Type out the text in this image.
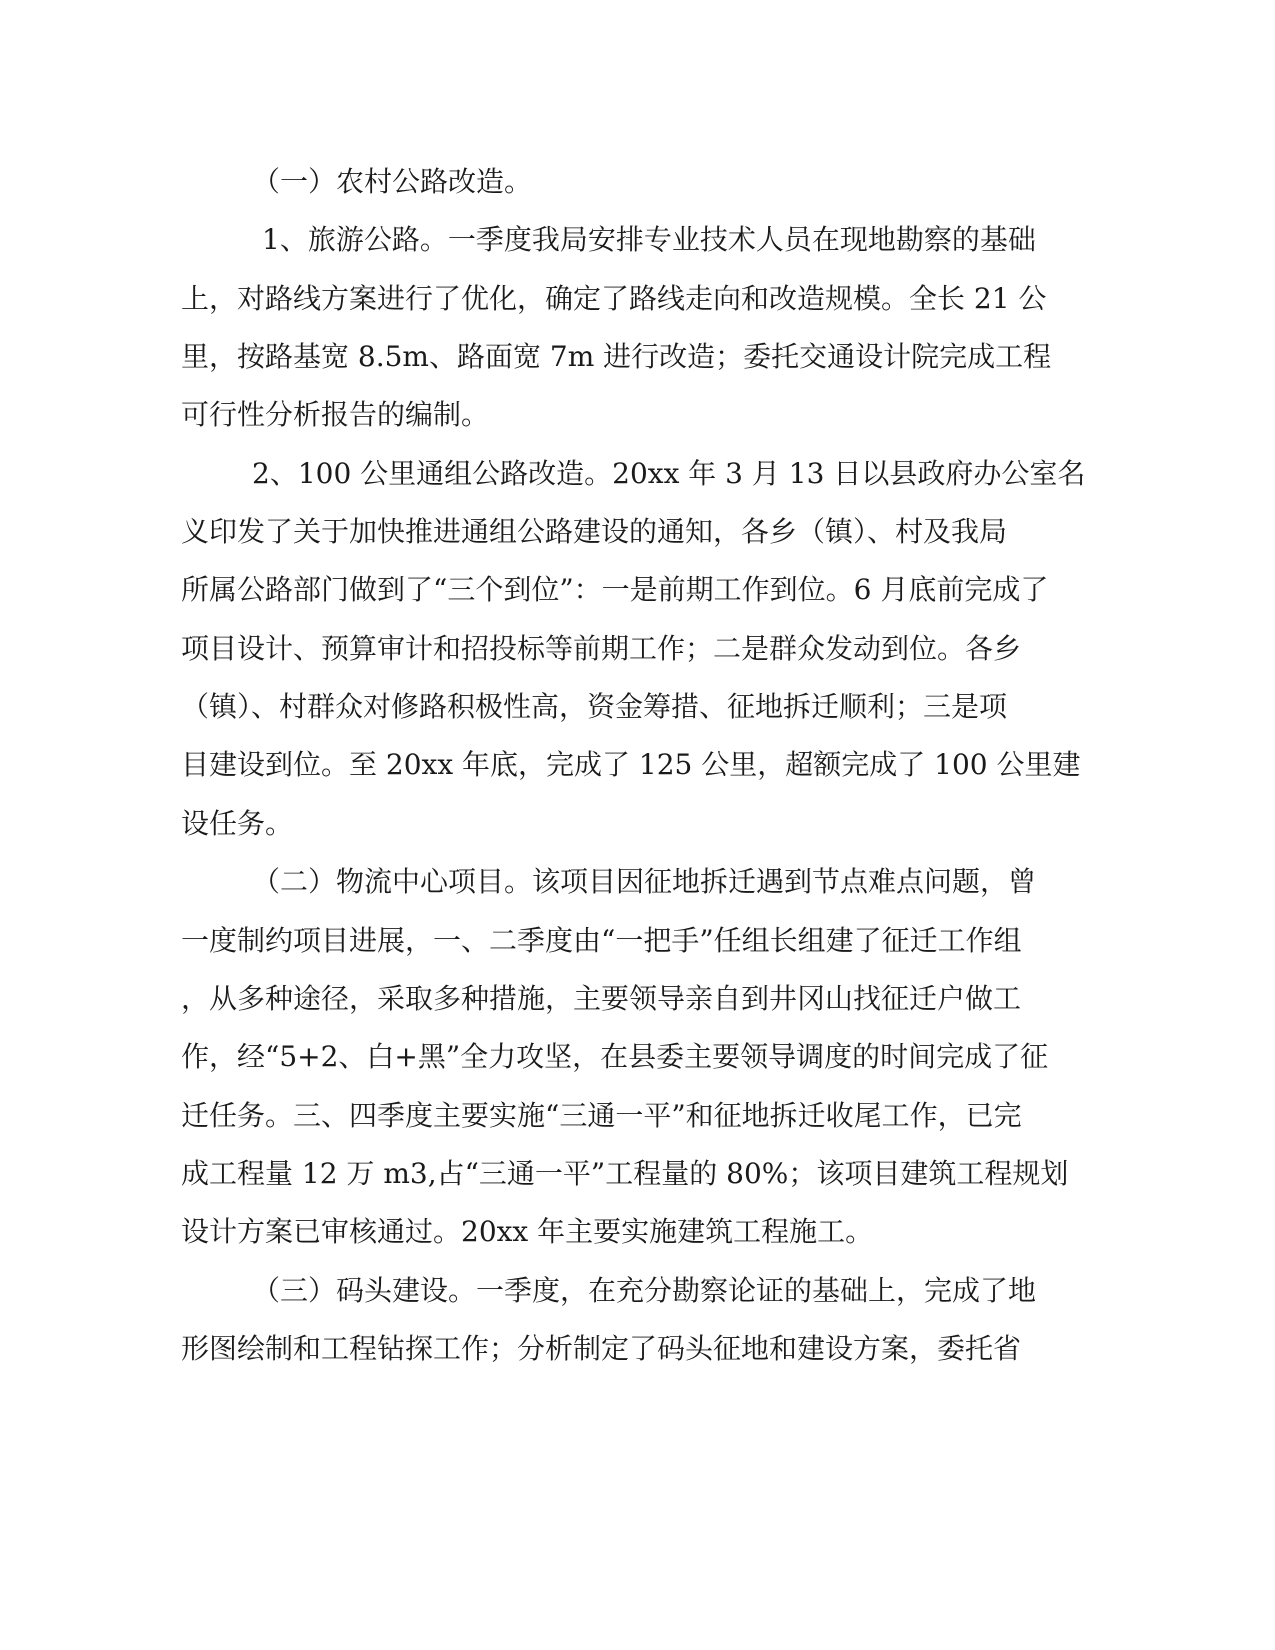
（一）农村公路改造。

1、旅游公路。一季度我局安排专业技术人员在现地勘察的基础

上，对路线方案进行了优化，确定了路线走向和改造规模。全长 21 公

里，按路基宽 8.5m、路面宽 7m 进行改造；委托交通设计院完成工程

可行性分析报告的编制。

2、100 公里通组公路改造。20xx 年 3 月 13 日以县政府办公室名

义印发了关于加快推进通组公路建设的通知，各乡（镇）、村及我局

所属公路部门做到了“三个到位”：一是前期工作到位。6 月底前完成了

项目设计、预算审计和招投标等前期工作；二是群众发动到位。各乡

（镇）、村群众对修路积极性高，资金筹措、征地拆迁顺利；三是项

目建设到位。至 20xx 年底，完成了 125 公里，超额完成了 100 公里建

设任务。

（二）物流中心项目。该项目因征地拆迁遇到节点难点问题，曾

一度制约项目进展，一、二季度由“一把手”任组长组建了征迁工作组

，从多种途径，采取多种措施，主要领导亲自到井冈山找征迁户做工

作，经“5+2、白+黑”全力攻坚，在县委主要领导调度的时间完成了征

迁任务。三、四季度主要实施“三通一平”和征地拆迁收尾工作，已完

成工程量 12 万 m3,占“三通一平”工程量的 80%；该项目建筑工程规划

设计方案已审核通过。20xx 年主要实施建筑工程施工。

（三）码头建设。一季度，在充分勘察论证的基础上，完成了地

形图绘制和工程钻探工作；分析制定了码头征地和建设方案，委托省
